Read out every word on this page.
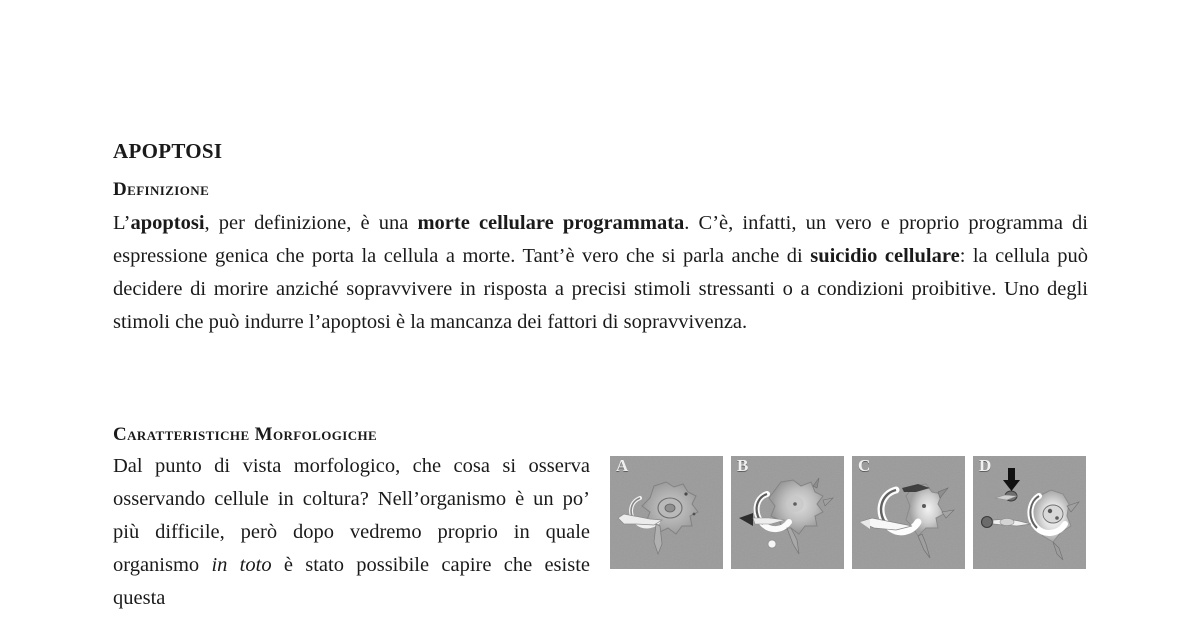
APOPTOSI
Definizione

L’apoptosi, per definizione, è una morte cellulare programmata. C’è, infatti, un vero e proprio programma di espressione genica che porta la cellula a morte. Tant’è vero che si parla anche di suicidio cellulare: la cellula può decidere di morire anziché sopravvivere in risposta a precisi stimoli stressanti o a condizioni proibitive. Uno degli stimoli che può indurre l’apoptosi è la mancanza dei fattori di sopravvivenza.

Caratteristiche Morfologiche
A	B	C	D

Dal punto di vista morfologico, che cosa si osserva osservando cellule in coltura? Nell’organismo è un po’ più difficile, però dopo vedremo proprio in quale organismo in toto è stato possibile capire che esiste questa
